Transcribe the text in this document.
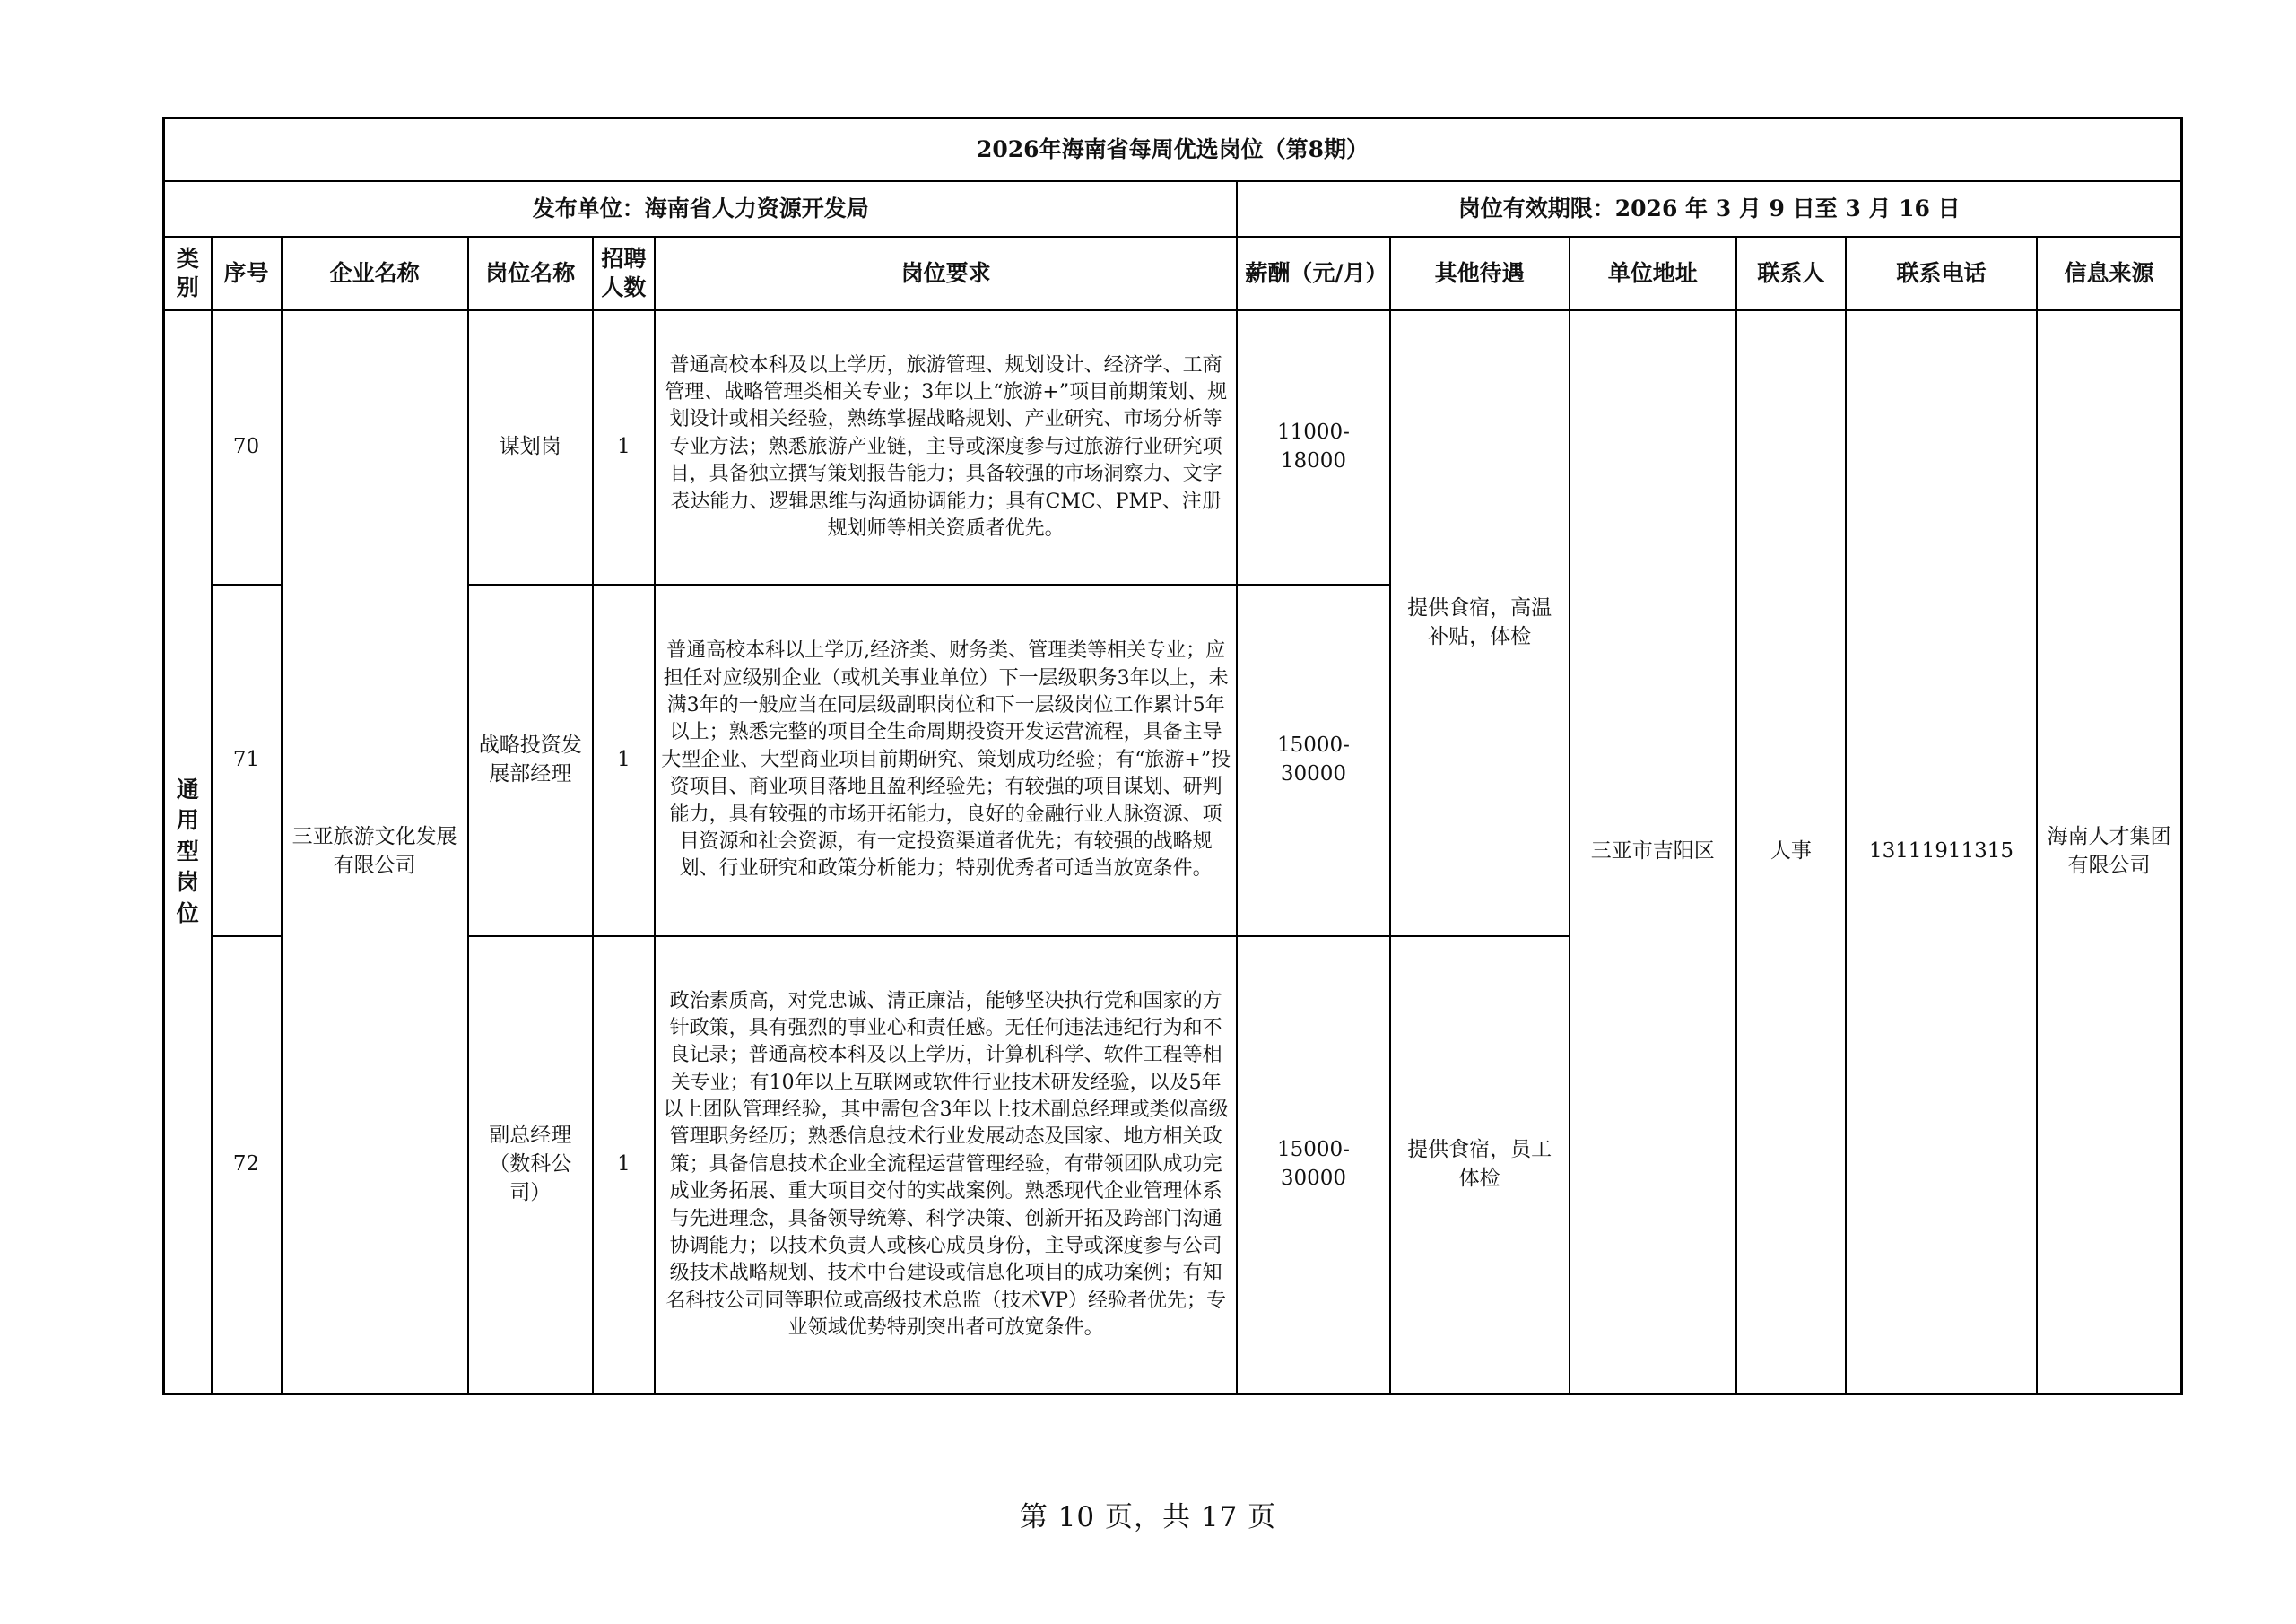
2026年海南省每周优选岗位（第8期）											
发布单位：海南省人力资源开发局						岗位有效期限：2026 年 3 月 9 日至 3 月 16 日					
类别	序号	企业名称	岗位名称	招聘人数	岗位要求	薪酬（元/月）	其他待遇	单位地址	联系人	联系电话	信息来源
通用型岗位	70	三亚旅游文化发展有限公司	谋划岗	1	普通高校本科及以上学历，旅游管理、规划设计、经济学、工商管理、战略管理类相关专业；3年以上“旅游+”项目前期策划、规划设计或相关经验，熟练掌握战略规划、产业研究、市场分析等专业方法；熟悉旅游产业链，主导或深度参与过旅游行业研究项目，具备独立撰写策划报告能力；具备较强的市场洞察力、文字表达能力、逻辑思维与沟通协调能力；具有CMC、PMP、注册规划师等相关资质者优先。	11000-18000	提供食宿，高温补贴，体检	三亚市吉阳区	人事	13111911315	海南人才集团有限公司
	71		战略投资发展部经理	1	普通高校本科以上学历,经济类、财务类、管理类等相关专业；应担任对应级别企业（或机关事业单位）下一层级职务3年以上，未满3年的一般应当在同层级副职岗位和下一层级岗位工作累计5年以上；熟悉完整的项目全生命周期投资开发运营流程，具备主导大型企业、大型商业项目前期研究、策划成功经验；有“旅游+”投资项目、商业项目落地且盈利经验先；有较强的项目谋划、研判能力，具有较强的市场开拓能力，良好的金融行业人脉资源、项目资源和社会资源，有一定投资渠道者优先；有较强的战略规划、行业研究和政策分析能力；特别优秀者可适当放宽条件。	15000-30000					
	72		副总经理（数科公司）	1	政治素质高，对党忠诚、清正廉洁，能够坚决执行党和国家的方针政策，具有强烈的事业心和责任感。无任何违法违纪行为和不良记录；普通高校本科及以上学历，计算机科学、软件工程等相关专业；有10年以上互联网或软件行业技术研发经验，以及5年以上团队管理经验，其中需包含3年以上技术副总经理或类似高级管理职务经历；熟悉信息技术行业发展动态及国家、地方相关政策；具备信息技术企业全流程运营管理经验，有带领团队成功完成业务拓展、重大项目交付的实战案例。熟悉现代企业管理体系与先进理念，具备领导统筹、科学决策、创新开拓及跨部门沟通协调能力；以技术负责人或核心成员身份，主导或深度参与公司级技术战略规划、技术中台建设或信息化项目的成功案例；有知名科技公司同等职位或高级技术总监（技术VP）经验者优先；专业领域优势特别突出者可放宽条件。	15000-30000	提供食宿，员工体检				
第 10 页，共 17 页
